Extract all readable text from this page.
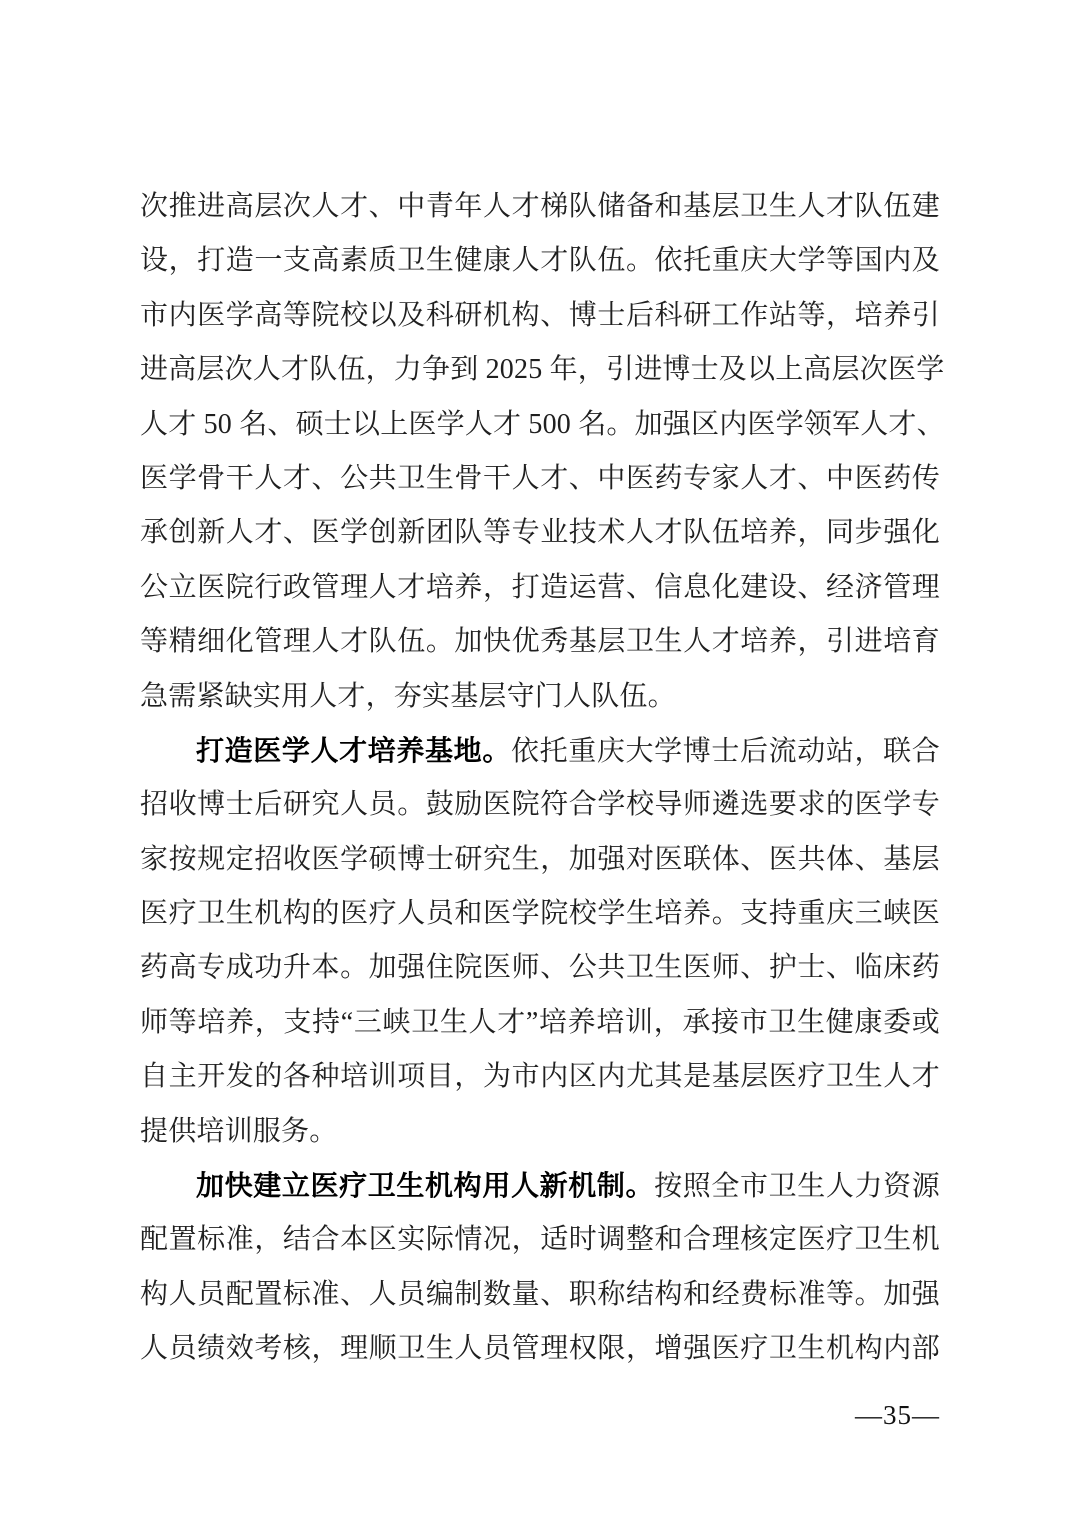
次推进高层次人才、中青年人才梯队储备和基层卫生人才队伍建
设，打造一支高素质卫生健康人才队伍。依托重庆大学等国内及
市内医学高等院校以及科研机构、博士后科研工作站等，培养引
进高层次人才队伍，力争到 2025 年，引进博士及以上高层次医学
人才 50 名、硕士以上医学人才 500 名。加强区内医学领军人才、
医学骨干人才、公共卫生骨干人才、中医药专家人才、中医药传
承创新人才、医学创新团队等专业技术人才队伍培养，同步强化
公立医院行政管理人才培养，打造运营、信息化建设、经济管理
等精细化管理人才队伍。加快优秀基层卫生人才培养，引进培育
急需紧缺实用人才，夯实基层守门人队伍。
打造医学人才培养基地。依托重庆大学博士后流动站，联合
招收博士后研究人员。鼓励医院符合学校导师遴选要求的医学专
家按规定招收医学硕博士研究生，加强对医联体、医共体、基层
医疗卫生机构的医疗人员和医学院校学生培养。支持重庆三峡医
药高专成功升本。加强住院医师、公共卫生医师、护士、临床药
师等培养，支持“三峡卫生人才”培养培训，承接市卫生健康委或
自主开发的各种培训项目，为市内区内尤其是基层医疗卫生人才
提供培训服务。
加快建立医疗卫生机构用人新机制。按照全市卫生人力资源
配置标准，结合本区实际情况，适时调整和合理核定医疗卫生机
构人员配置标准、人员编制数量、职称结构和经费标准等。加强
人员绩效考核，理顺卫生人员管理权限，增强医疗卫生机构内部
—35—
